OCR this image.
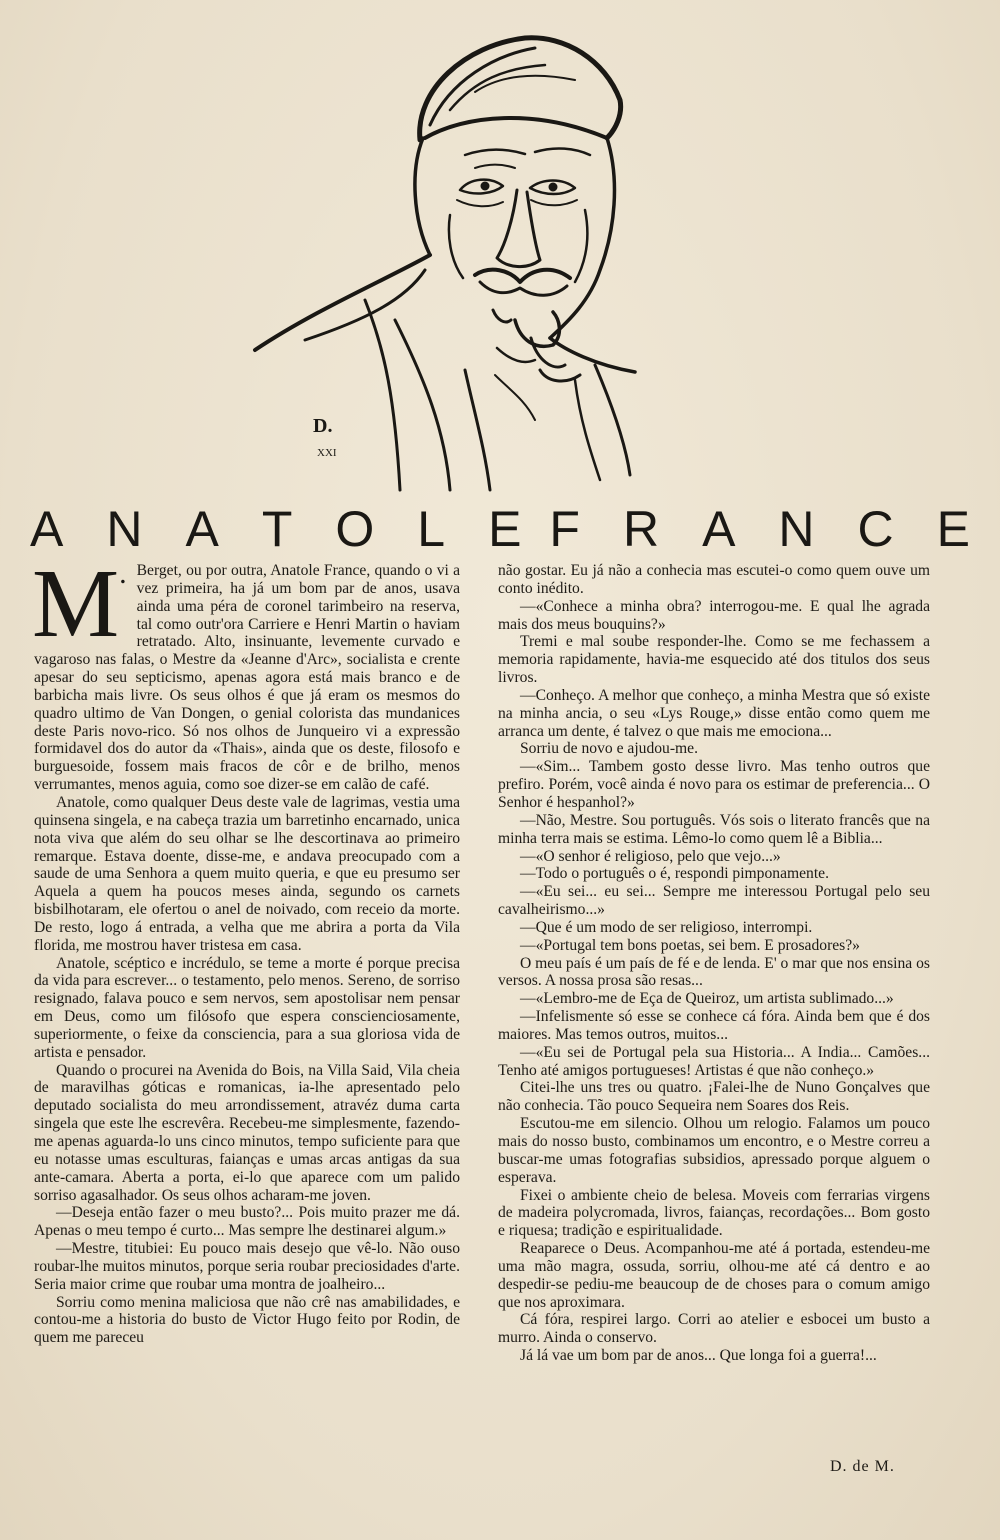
D.
XXI
A N A T O L E F R A N C E
M. Berget, ou por outra, Anatole France, quando o vi a vez primeira, ha já um bom par de anos, usava ainda uma péra de coronel tarimbeiro na reserva, tal como outr'ora Carriere e Henri Martin o haviam retratado. Alto, insinuante, levemente curvado e vagaroso nas falas, o Mestre da «Jeanne d'Arc», socialista e crente apesar do seu septicismo, apenas agora está mais branco e de barbicha mais livre. Os seus olhos é que já eram os mesmos do quadro ultimo de Van Dongen, o genial colorista das mundanices deste Paris novo-rico. Só nos olhos de Junqueiro vi a expressão formidavel dos do autor da «Thais», ainda que os deste, filosofo e burguesoide, fossem mais fracos de côr e de brilho, menos verrumantes, menos aguia, como soe dizer-se em calão de café.

Anatole, como qualquer Deus deste vale de lagrimas, vestia uma quinsena singela, e na cabeça trazia um barretinho encarnado, unica nota viva que além do seu olhar se lhe descortinava ao primeiro remarque. Estava doente, disse-me, e andava preocupado com a saude de uma Senhora a quem muito queria, e que eu presumo ser Aquela a quem ha poucos meses ainda, segundo os carnets bisbilhotaram, ele ofertou o anel de noivado, com receio da morte. De resto, logo á entrada, a velha que me abrira a porta da Vila florida, me mostrou haver tristesa em casa.

Anatole, scéptico e incrédulo, se teme a morte é porque precisa da vida para escrever... o testamento, pelo menos. Sereno, de sorriso resignado, falava pouco e sem nervos, sem apostolisar nem pensar em Deus, como um filósofo que espera conscienciosamente, superiormente, o feixe da consciencia, para a sua gloriosa vida de artista e pensador.

Quando o procurei na Avenida do Bois, na Villa Said, Vila cheia de maravilhas góticas e romanicas, ia-lhe apresentado pelo deputado socialista do meu arrondissement, atravéz duma carta singela que este lhe escrevêra. Recebeu-me simplesmente, fazendo-me apenas aguarda-lo uns cinco minutos, tempo suficiente para que eu notasse umas esculturas, faianças e umas arcas antigas da sua ante-camara. Aberta a porta, ei-lo que aparece com um palido sorriso agasalhador. Os seus olhos acharam-me joven.

—Deseja então fazer o meu busto?... Pois muito prazer me dá. Apenas o meu tempo é curto... Mas sempre lhe destinarei algum.»

—Mestre, titubiei: Eu pouco mais desejo que vê-lo. Não ouso roubar-lhe muitos minutos, porque seria roubar preciosidades d'arte. Seria maior crime que roubar uma montra de joalheiro...

Sorriu como menina maliciosa que não crê nas amabilidades, e contou-me a historia do busto de Victor Hugo feito por Rodin, de quem me pareceu

não gostar. Eu já não a conhecia mas escutei-o como quem ouve um conto inédito.

—«Conhece a minha obra? interrogou-me. E qual lhe agrada mais dos meus bouquins?»

Tremi e mal soube responder-lhe. Como se me fechassem a memoria rapidamente, havia-me esquecido até dos titulos dos seus livros.

—Conheço. A melhor que conheço, a minha Mestra que só existe na minha ancia, o seu «Lys Rouge,» disse então como quem me arranca um dente, é talvez o que mais me emociona...

Sorriu de novo e ajudou-me.

—«Sim... Tambem gosto desse livro. Mas tenho outros que prefiro. Porém, você ainda é novo para os estimar de preferencia... O Senhor é hespanhol?»

—Não, Mestre. Sou português. Vós sois o literato francês que na minha terra mais se estima. Lêmo-lo como quem lê a Biblia...

—«O senhor é religioso, pelo que vejo...»

—Todo o português o é, respondi pimponamente.

—«Eu sei... eu sei... Sempre me interessou Portugal pelo seu cavalheirismo...»

—Que é um modo de ser religioso, interrompi.

—«Portugal tem bons poetas, sei bem. E prosadores?»

O meu país é um país de fé e de lenda. E' o mar que nos ensina os versos. A nossa prosa são resas...

—«Lembro-me de Eça de Queiroz, um artista sublimado...»

—Infelismente só esse se conhece cá fóra. Ainda bem que é dos maiores. Mas temos outros, muitos...

—«Eu sei de Portugal pela sua Historia... A India... Camões... Tenho até amigos portugueses! Artistas é que não conheço.»

Citei-lhe uns tres ou quatro. ¡Falei-lhe de Nuno Gonçalves que não conhecia. Tão pouco Sequeira nem Soares dos Reis.

Escutou-me em silencio. Olhou um relogio. Falamos um pouco mais do nosso busto, combinamos um encontro, e o Mestre correu a buscar-me umas fotografias subsidios, apressado porque alguem o esperava.

Fixei o ambiente cheio de belesa. Moveis com ferrarias virgens de madeira polycromada, livros, faianças, recordações... Bom gosto e riquesa; tradição e espiritualidade.

Reaparece o Deus. Acompanhou-me até á portada, estendeu-me uma mão magra, ossuda, sorriu, olhou-me até cá dentro e ao despedir-se pediu-me beaucoup de de choses para o comum amigo que nos aproximara.

Cá fóra, respirei largo. Corri ao atelier e esbocei um busto a murro. Ainda o conservo.

Já lá vae um bom par de anos... Que longa foi a guerra!...

D. de M.
